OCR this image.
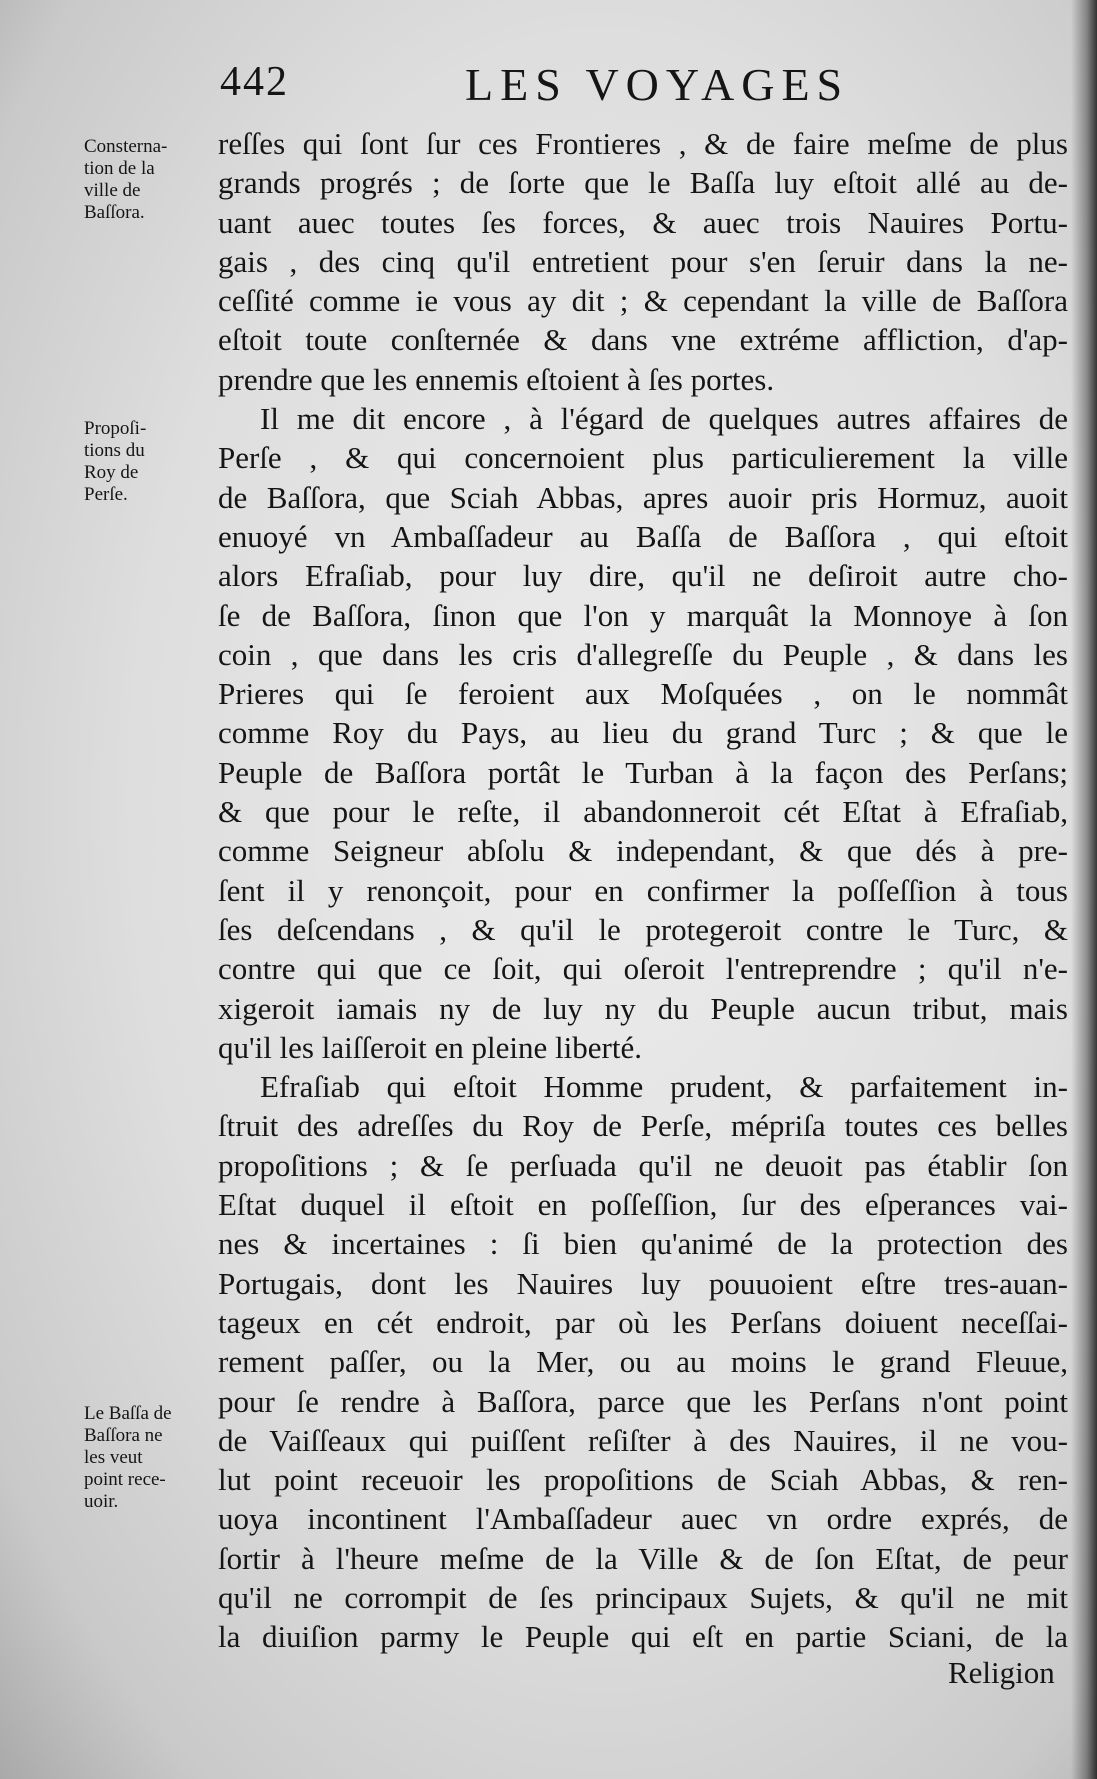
442	LES VOYAGES
Consterna-
tion de la
ville de
Baſſora.
Propoſi-
tions du
Roy de
Perſe.
Le Baſſa de
Baſſora ne
les veut
point rece-
uoir.
reſſes qui ſont ſur ces Frontieres , & de faire meſme de plus
grands progrés ; de ſorte que le Baſſa luy eſtoit allé au de-
uant auec toutes ſes forces, & auec trois Nauires Portu-
gais , des cinq qu'il entretient pour s'en ſeruir dans la ne-
ceſſité comme ie vous ay dit ; & cependant la ville de Baſſora
eſtoit toute conſternée & dans vne extréme affliction, d'ap-
prendre que les ennemis eſtoient à ſes portes.
Il me dit encore , à l'égard de quelques autres affaires de
Perſe , & qui concernoient plus particulierement la ville
de Baſſora, que Sciah Abbas, apres auoir pris Hormuz, auoit
enuoyé vn Ambaſſadeur au Baſſa de Baſſora , qui eſtoit
alors Efraſiab, pour luy dire, qu'il ne deſiroit autre cho-
ſe de Baſſora, ſinon que l'on y marquât la Monnoye à ſon
coin , que dans les cris d'allegreſſe du Peuple , & dans les
Prieres qui ſe feroient aux Moſquées , on le nommât
comme Roy du Pays, au lieu du grand Turc ; & que le
Peuple de Baſſora portât le Turban à la façon des Perſans;
& que pour le reſte, il abandonneroit cét Eſtat à Efraſiab,
comme Seigneur abſolu & independant, & que dés à pre-
ſent il y renonçoit, pour en confirmer la poſſeſſion à tous
ſes deſcendans , & qu'il le protegeroit contre le Turc, &
contre qui que ce ſoit, qui oſeroit l'entreprendre ; qu'il n'e-
xigeroit iamais ny de luy ny du Peuple aucun tribut, mais
qu'il les laiſſeroit en pleine liberté.
Efraſiab qui eſtoit Homme prudent, & parfaitement in-
ſtruit des adreſſes du Roy de Perſe, mépriſa toutes ces belles
propoſitions ; & ſe perſuada qu'il ne deuoit pas établir ſon
Eſtat duquel il eſtoit en poſſeſſion, ſur des eſperances vai-
nes & incertaines : ſi bien qu'animé de la protection des
Portugais, dont les Nauires luy pouuoient eſtre tres-auan-
tageux en cét endroit, par où les Perſans doiuent neceſſai-
rement paſſer, ou la Mer, ou au moins le grand Fleuue,
pour ſe rendre à Baſſora, parce que les Perſans n'ont point
de Vaiſſeaux qui puiſſent reſiſter à des Nauires, il ne vou-
lut point receuoir les propoſitions de Sciah Abbas, & ren-
uoya incontinent l'Ambaſſadeur auec vn ordre exprés, de
ſortir à l'heure meſme de la Ville & de ſon Eſtat, de peur
qu'il ne corrompit de ſes principaux Sujets, & qu'il ne mit
la diuiſion parmy le Peuple qui eſt en partie Sciani, de la
Religion
